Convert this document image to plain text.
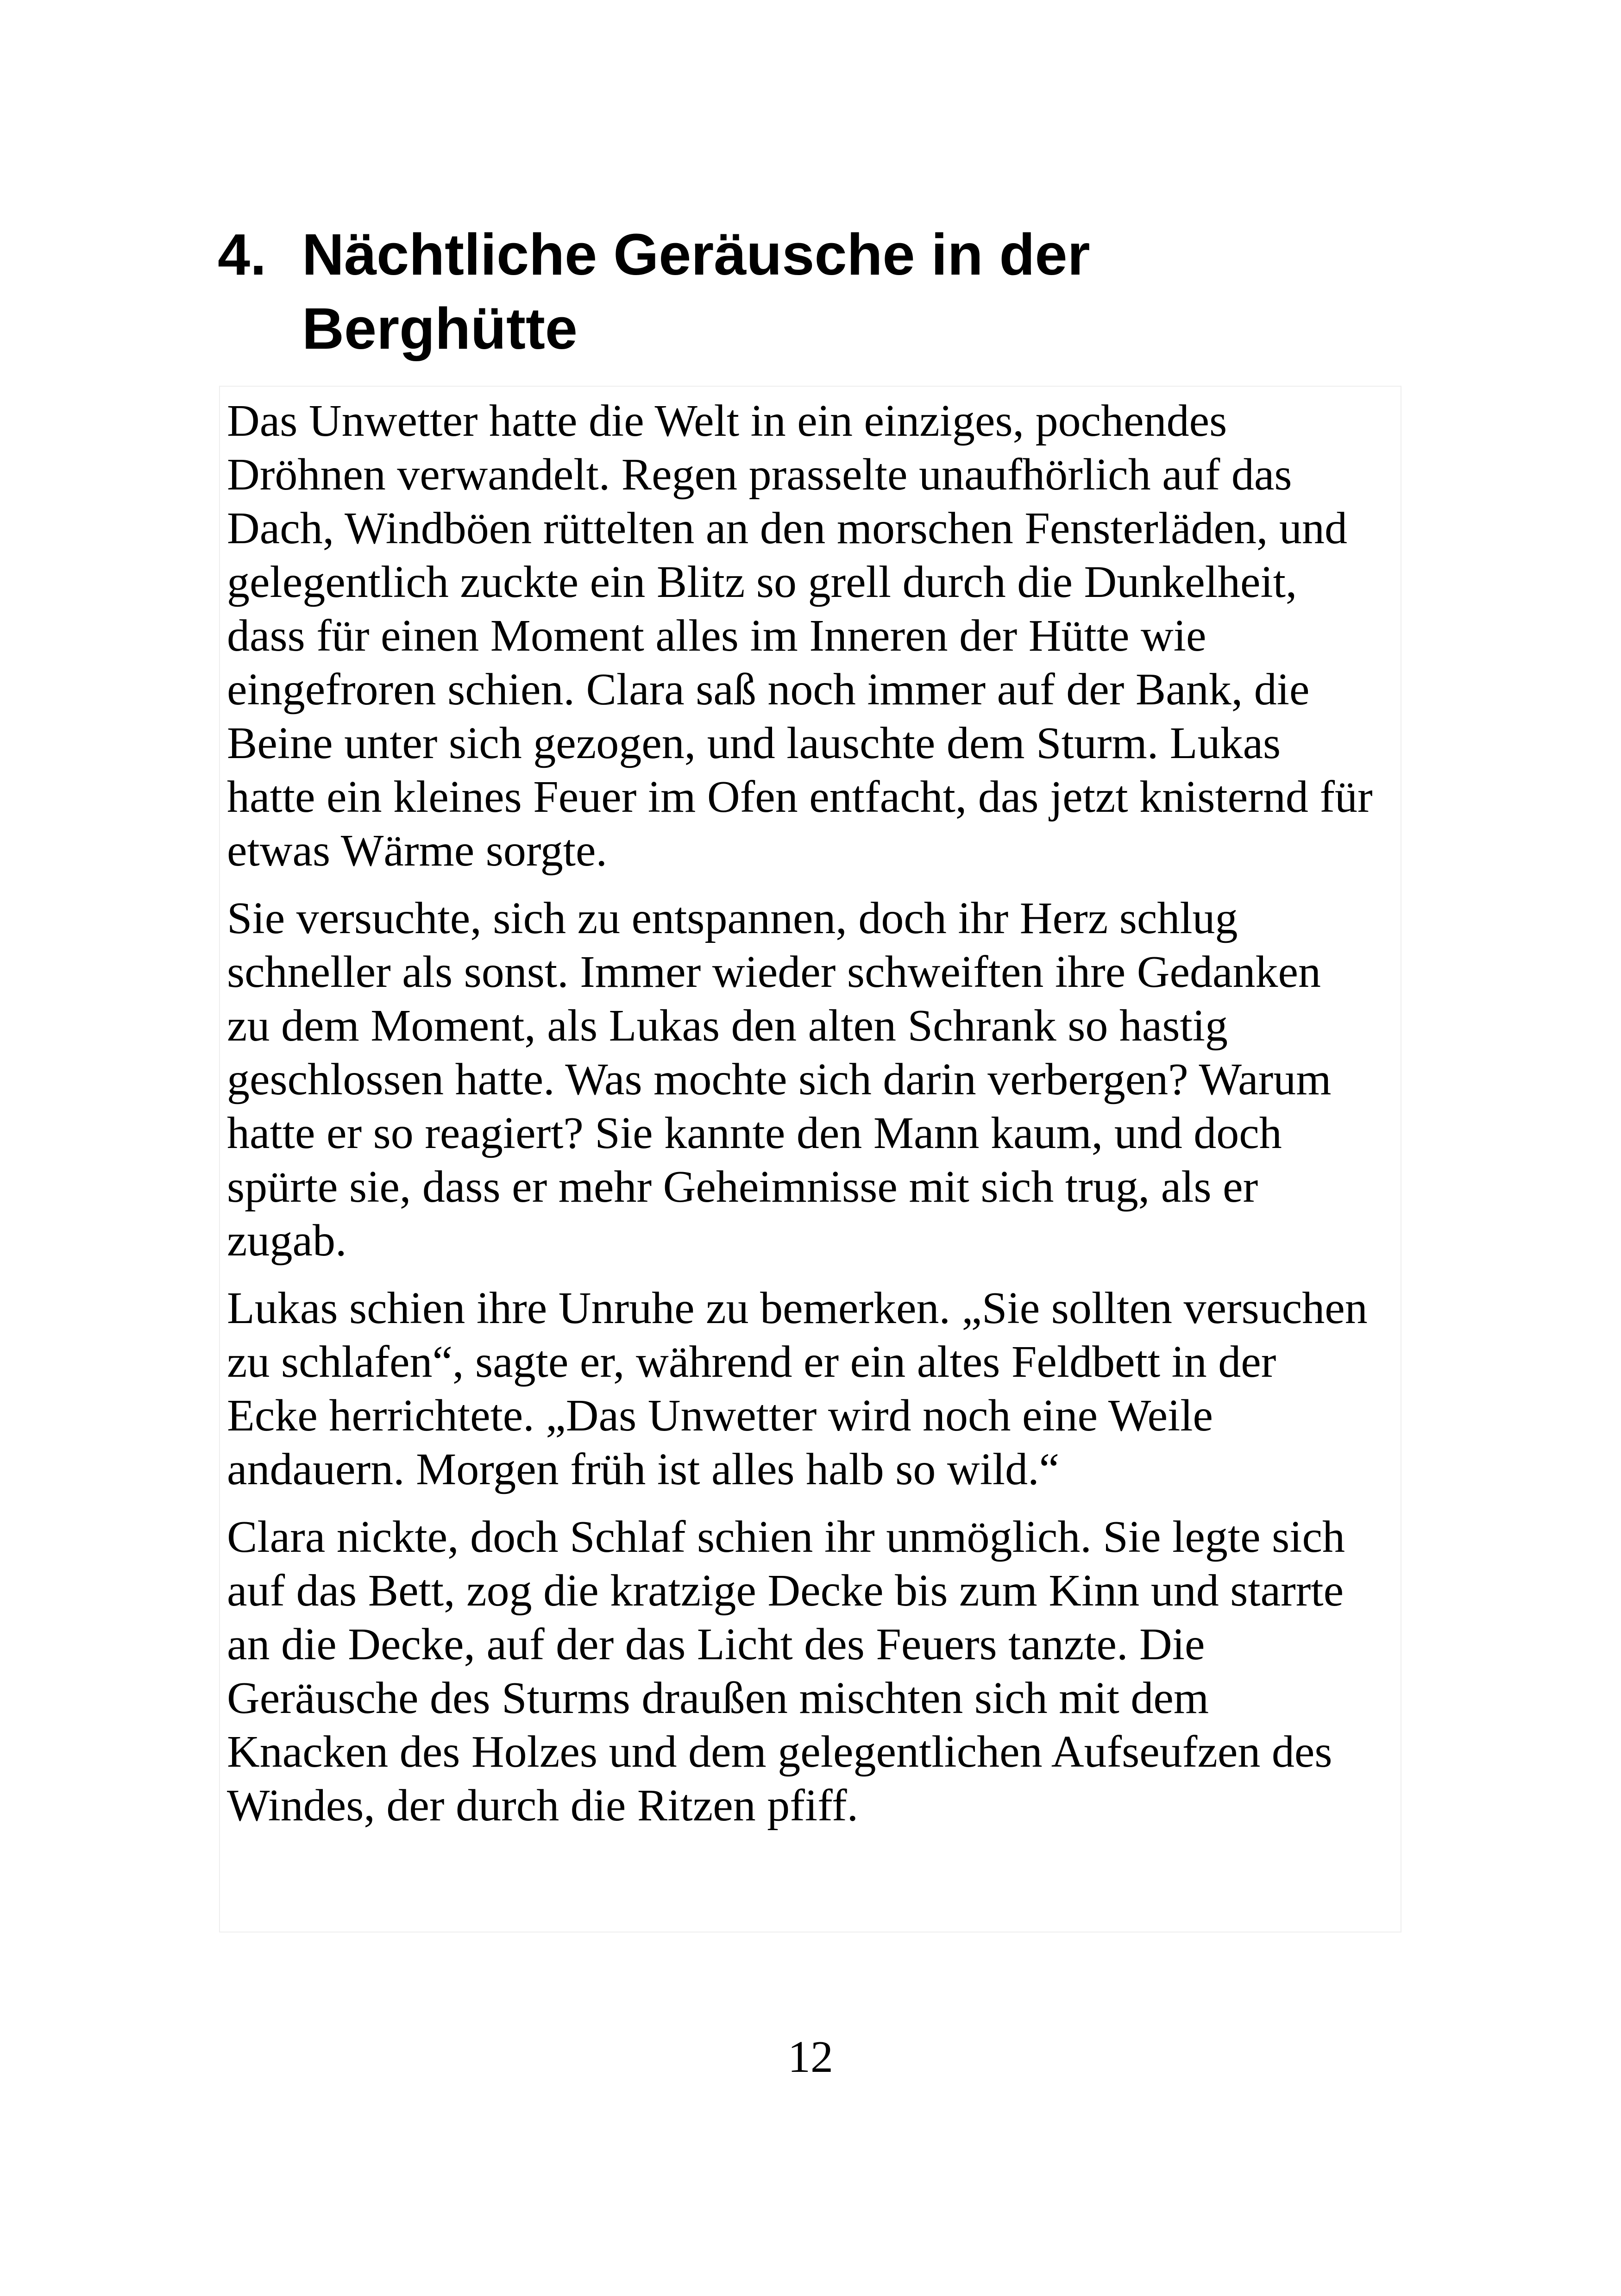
4. Nächtliche Geräusche in der
Berghütte

Das Unwetter hatte die Welt in ein einziges, pochendes
Dröhnen verwandelt. Regen prasselte unaufhörlich auf das
Dach, Windböen rüttelten an den morschen Fensterläden, und
gelegentlich zuckte ein Blitz so grell durch die Dunkelheit,
dass für einen Moment alles im Inneren der Hütte wie
eingefroren schien. Clara saß noch immer auf der Bank, die
Beine unter sich gezogen, und lauschte dem Sturm. Lukas
hatte ein kleines Feuer im Ofen entfacht, das jetzt knisternd für
etwas Wärme sorgte.

Sie versuchte, sich zu entspannen, doch ihr Herz schlug
schneller als sonst. Immer wieder schweiften ihre Gedanken
zu dem Moment, als Lukas den alten Schrank so hastig
geschlossen hatte. Was mochte sich darin verbergen? Warum
hatte er so reagiert? Sie kannte den Mann kaum, und doch
spürte sie, dass er mehr Geheimnisse mit sich trug, als er
zugab.

Lukas schien ihre Unruhe zu bemerken. „Sie sollten versuchen
zu schlafen“, sagte er, während er ein altes Feldbett in der
Ecke herrichtete. „Das Unwetter wird noch eine Weile
andauern. Morgen früh ist alles halb so wild.“

Clara nickte, doch Schlaf schien ihr unmöglich. Sie legte sich
auf das Bett, zog die kratzige Decke bis zum Kinn und starrte
an die Decke, auf der das Licht des Feuers tanzte. Die
Geräusche des Sturms draußen mischten sich mit dem
Knacken des Holzes und dem gelegentlichen Aufseufzen des
Windes, der durch die Ritzen pfiff.

12
